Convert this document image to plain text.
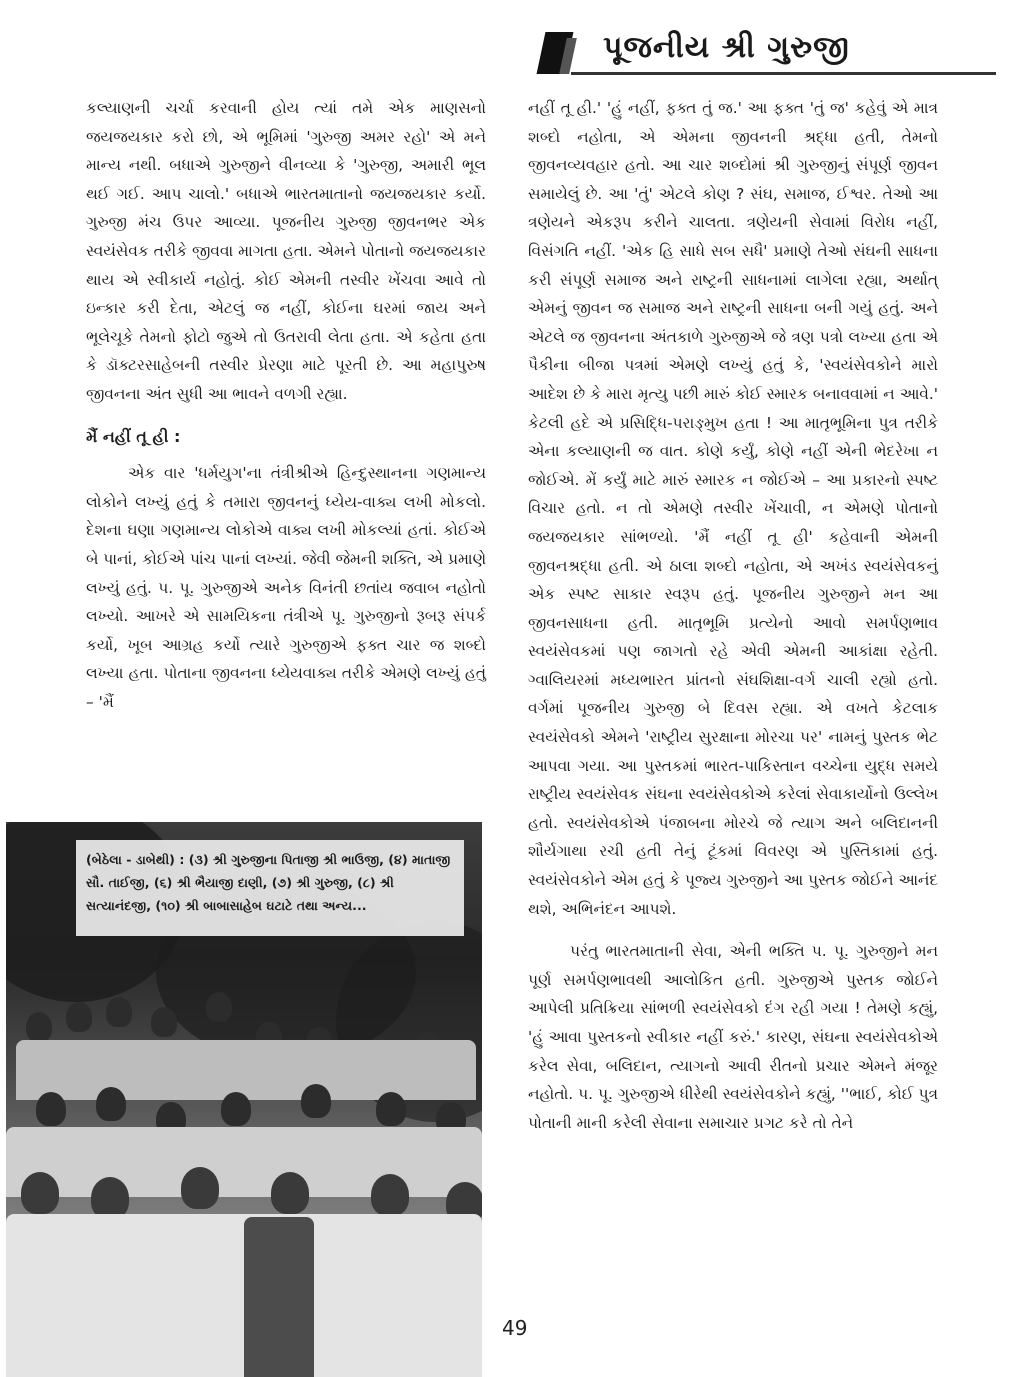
પૂજનીય શ્રી ગુરુજી

કલ્યાણની ચર્ચા કરવાની હોય ત્યાં તમે એક માણસનો જયજયકાર કરો છો, એ ભૂમિમાં 'ગુરુજી અમર રહો' એ મને માન્ય નથી. બધાએ ગુરુજીને વીનવ્યા કે 'ગુરુજી, અમારી ભૂલ થઈ ગઈ. આપ ચાલો.' બધાએ ભારતમાતાનો જયજયકાર કર્યો. ગુરુજી મંચ ઉપર આવ્યા. પૂજનીય ગુરુજી જીવનભર એક સ્વયંસેવક તરીકે જીવવા માગતા હતા. એમને પોતાનો જયજયકાર થાય એ સ્વીકાર્ય નહોતું. કોઈ એમની તસ્વીર ખેંચવા આવે તો ઇન્કાર કરી દેતા, એટલું જ નહીં, કોઈના ઘરમાં જાય અને ભૂલેચૂકે તેમનો ફોટો જુએ તો ઉતરાવી લેતા હતા. એ કહેતા હતા કે ડૉક્ટરસાહેબની તસ્વીર પ્રેરણા માટે પૂરતી છે. આ મહાપુરુષ જીવનના અંત સુધી આ ભાવને વળગી રહ્યા.

મૈં નહીં તૂ હી :

એક વાર 'ધર્મયુગ'ના તંત્રીશ્રીએ હિન્દુસ્થાનના ગણમાન્ય લોકોને લખ્યું હતું કે તમારા જીવનનું ધ્યેય-વાક્ય લખી મોકલો. દેશના ઘણા ગણમાન્ય લોકોએ વાક્ય લખી મોકલ્યાં હતાં. કોઈએ બે પાનાં, કોઈએ પાંચ પાનાં લખ્યાં. જેવી જેમની શક્તિ, એ પ્રમાણે લખ્યું હતું. પ. પૂ. ગુરુજીએ અનેક વિનંતી છતાંય જવાબ નહોતો લખ્યો. આખરે એ સામયિકના તંત્રીએ પૂ. ગુરુજીનો રૂબરૂ સંપર્ક કર્યો, ખૂબ આગ્રહ કર્યો ત્યારે ગુરુજીએ ફક્ત ચાર જ શબ્દો લખ્યા હતા. પોતાના જીવનના ધ્યેયવાક્ય તરીકે એમણે લખ્યું હતું – 'મૈં

નહીં તૂ હી.' 'હું નહીં, ફક્ત તું જ.' આ ફક્ત 'તું જ' કહેવું એ માત્ર શબ્દો નહોતા, એ એમના જીવનની શ્રદ્ધા હતી, તેમનો જીવનવ્યવહાર હતો. આ ચાર શબ્દોમાં શ્રી ગુરુજીનું સંપૂર્ણ જીવન સમાયેલું છે. આ 'તું' એટલે કોણ ? સંઘ, સમાજ, ઈશ્વર. તેઓ આ ત્રણેયને એકરૂપ કરીને ચાલતા. ત્રણેયની સેવામાં વિરોધ નહીં, વિસંગતિ નહીં. 'એક હિ સાધે સબ સધૈ' પ્રમાણે તેઓ સંઘની સાધના કરી સંપૂર્ણ સમાજ અને રાષ્ટ્રની સાધનામાં લાગેલા રહ્યા, અર્થાત્ એમનું જીવન જ સમાજ અને રાષ્ટ્રની સાધના બની ગયું હતું. અને એટલે જ જીવનના અંતકાળે ગુરુજીએ જે ત્રણ પત્રો લખ્યા હતા એ પૈકીના બીજા પત્રમાં એમણે લખ્યું હતું કે, 'સ્વયંસેવકોને મારો આદેશ છે કે મારા મૃત્યુ પછી મારું કોઈ સ્મારક બનાવવામાં ન આવે.' કેટલી હદે એ પ્રસિદ્ધિ-પરાઙ્મુખ હતા ! આ માતૃભૂમિના પુત્ર તરીકે એના કલ્યાણની જ વાત. કોણે કર્યું, કોણે નહીં એની ભેદરેખા ન જોઈએ. મેં કર્યું માટે મારું સ્મારક ન જોઈએ – આ પ્રકારનો સ્પષ્ટ વિચાર હતો. ન તો એમણે તસ્વીર ખેંચાવી, ન એમણે પોતાનો જયજયકાર સાંભળ્યો. 'મૈં નહીં તૂ હી' કહેવાની એમની જીવનશ્રદ્ધા હતી. એ ઠાલા શબ્દો નહોતા, એ અખંડ સ્વયંસેવકનું એક સ્પષ્ટ સાકાર સ્વરૂપ હતું. પૂજનીય ગુરુજીને મન આ જીવનસાધના હતી. માતૃભૂમિ પ્રત્યેનો આવો સમર્પણભાવ સ્વયંસેવકમાં પણ જાગતો રહે એવી એમની આકાંક્ષા રહેતી. ગ્વાલિયરમાં મધ્યભારત પ્રાંતનો સંઘશિક્ષા-વર્ગ ચાલી રહ્યો હતો. વર્ગમાં પૂજનીય ગુરુજી બે દિવસ રહ્યા. એ વખતે કેટલાક સ્વયંસેવકો એમને 'રાષ્ટ્રીય સુરક્ષાના મોરચા પર' નામનું પુસ્તક ભેટ આપવા ગયા. આ પુસ્તકમાં ભારત-પાકિસ્તાન વચ્ચેના યુદ્ધ સમયે રાષ્ટ્રીય સ્વયંસેવક સંઘના સ્વયંસેવકોએ કરેલાં સેવાકાર્યોનો ઉલ્લેખ હતો. સ્વયંસેવકોએ પંજાબના મોરચે જે ત્યાગ અને બલિદાનની શૌર્યગાથા રચી હતી તેનું ટૂંકમાં વિવરણ એ પુસ્તિકામાં હતું. સ્વયંસેવકોને એમ હતું કે પૂજ્ય ગુરુજીને આ પુસ્તક જોઈને આનંદ થશે, અભિનંદન આપશે.

પરંતુ ભારતમાતાની સેવા, એની ભક્તિ પ. પૂ. ગુરુજીને મન પૂર્ણ સમર્પણભાવથી આલોકિત હતી. ગુરુજીએ પુસ્તક જોઈને આપેલી પ્રતિક્રિયા સાંભળી સ્વયંસેવકો દંગ રહી ગયા ! તેમણે કહ્યું, 'હું આવા પુસ્તકનો સ્વીકાર નહીં કરું.' કારણ, સંઘના સ્વયંસેવકોએ કરેલ સેવા, બલિદાન, ત્યાગનો આવી રીતનો પ્રચાર એમને મંજૂર નહોતો. પ. પૂ. ગુરુજીએ ધીરેથી સ્વયંસેવકોને કહ્યું, ''ભાઈ, કોઈ પુત્ર પોતાની માની કરેલી સેવાના સમાચાર પ્રગટ કરે તો તેને

(બેઠેલા - ડાબેથી) : (૩) શ્રી ગુરુજીના પિતાજી શ્રી ભાઉજી, (૪) માતાજી સૌ. તાઈજી, (૬) શ્રી ભૈયાજી દાણી, (૭) શ્રી ગુરુજી, (૮) શ્રી સત્યાનંદજી, (૧૦) શ્રી બાબાસાહેબ ઘટાટે તથા અન્ય...
49
